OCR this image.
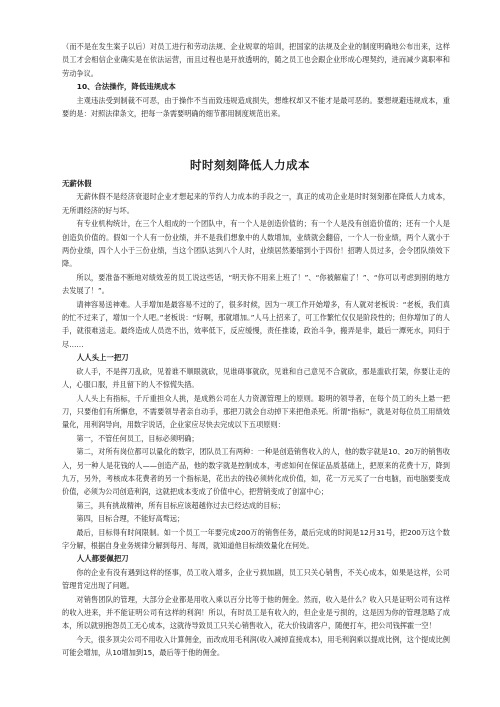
（而不是在发生案子以后）对员工进行和劳动法规、企业规章的培训，把国家的法规及企业的制度明确地公布出来，这样员工才会相信企业确实是在依法运营，而且过程也是开放透明的，随之员工也会跟企业形成心理契约，进而减少离职率和劳动争议。

10、合法操作，降低违规成本

主观违法受到制裁不可恶，由于操作不当而致违规造成损失，想维权却又不能才是最可恶的。要想规避违规成本，重要的是：对照法律条文，把每一条需要明确的细节都用制度规范出来。

时时刻刻降低人力成本

无薪休假

无薪休假不是经济衰退时企业才想起来的节约人力成本的手段之一，真正的成功企业是时时刻刻都在降低人力成本，无所谓经济的好与坏。

有专业机构统计，在三个人组成的一个团队中，有一个人是创造价值的；有一个人是没有创造价值的；还有一个人是创造负价值的。假如一个人有一份业绩，并不是我们想象中的人数增加，业绩就会翻倍，一个人一份业绩，两个人就小于两份业绩，四个人小于三份业绩，当这个团队达到八个人时，业绩居然萎缩到小于四份！招聘人员过多，会令团队绩效下降。

所以，要准备不断地对绩效差的员工说这些话，“明天你不用来上班了！”、“你被解雇了！”、“你可以考虑到别的地方去发展了！”。

请神容易送神难。人手增加是最容易不过的了，很多时候，因为一项工作开始增多，有人就对老板说：“老板，我们真的忙不过来了，增加一个人吧。”老板说：“好啊，那就增加。”人马上招来了，可工作繁忙仅仅是阶段性的；但你增加了的人手，就很难送走。最终造成人员迭不出，效率低下，反应缓慢，责任推诿，政治斗争，搬弄是非，最后一潭死水，同归于尽……

人人头上一把刀

砍人手，不是挥刀乱砍，见着谁不顺眼就砍，见谁碍事就砍，见谁和自己意见不合就砍，那是滥砍打架，你要让走的人，心服口服，并且留下的人不惊慌失措。

人人头上有指标，千斤重担众人挑，是成熟公司在人力资源管理上的原则。聪明的领导者，在每个员工的头上悬一把刀，只要他们有所懈怠，不需要领导者亲自动手，那把刀就会自动掉下来把他杀死。所谓“指标”，就是对每位员工用绩效量化，用利润导向，用数字说话，企业家应尽快去完成以下五项原则：

第一，不管任何员工，目标必须明确；

第二，对所有岗位都可以量化的数字，团队员工有两种：一种是创造销售收入的人，他的数字就是10、20万的销售收入，另一种人是花钱的人——创造产品，他的数字就是控制成本，考虑如何在保证品质基础上，把原来的花费十万，降到九万，另外，考核成本花费者的另一个指标是，花出去的钱必须转化成价值，如，花一万元买了一台电脑，而电脑要变成价值，必须为公司创造利润，这就把成本变成了价值中心，把营销变成了创富中心；

第三，具有挑战精神，所有目标应该超越你过去已经达成的目标；

第四，目标合理，不能好高骛远；

最后，目标得有时间限制。如一个员工一年要完成200万的销售任务，最后完成的时间是12月31号，把200万这个数字分解，根据自身业务规律分解到每月、每周，就知道他目标绩效量化在何处。

人人都要佩把刀

你的企业有没有遇到这样的怪事，员工收入增多，企业亏损加剧，员工只关心销售，不关心成本，如果是这样，公司管理肯定出现了问题。

对销售团队的管理，大部分企业都是用收入乘以百分比等于他的佣金。然而，收入是什么？收入只是证明公司有这样的收入进来，并不能证明公司有这样的利润！所以，有时员工是有收入的，但企业是亏损的，这是因为你的管理忽略了成本，所以就别抱怨员工无心成本，这就待导致员工只关心销售收入，花大价钱请客户，随便打车，把公司钱挥霍一空！

今天，很多顶尖公司不用收入计算佣金，而改成用毛利润(收入减掉直接成本)，用毛利润乘以提成比例，这个提成比例可能会增加，从10增加到15，最后等于他的佣金。
